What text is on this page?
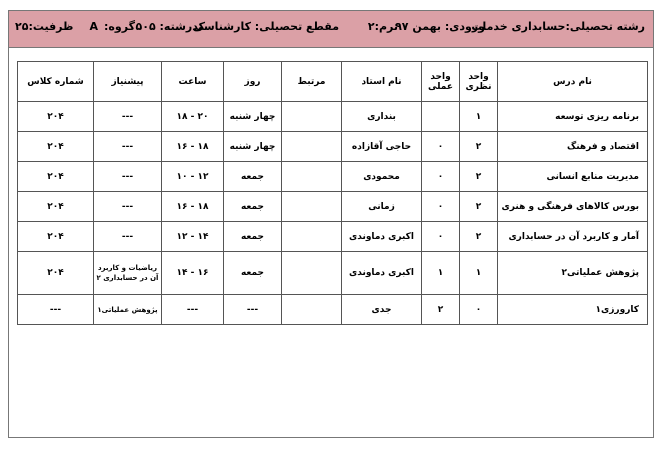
رشته تحصیلی:حسابداری خدمات
ورودی: بهمن ۹۷
ترم:۲
مقطع تحصیلی: کارشناسی
کدرشته: ۵۰۵
گروه:
A
ظرفیت:۲۵
نام درس	واحد نظری	واحد عملی	نام استاد	مرتبط	روز	ساعت	پیشنیاز	شماره کلاس
برنامه ریزی توسعه	۱		بنداری		چهار شنبه	۲۰ - ۱۸	---	۲۰۴
اقتصاد و فرهنگ	۲	۰	حاجی آقازاده		چهار شنبه	۱۸ - ۱۶	---	۲۰۴
مدیریت منابع انسانی	۲	۰	محمودی		جمعه	۱۲ - ۱۰	---	۲۰۴
بورس کالاهای فرهنگی و هنری	۲	۰	زمانی		جمعه	۱۸ - ۱۶	---	۲۰۴
آمار و کاربرد آن در حسابداری	۲	۰	اکبری دماوندی		جمعه	۱۴ - ۱۲	---	۲۰۴
پژوهش عملیاتی۲	۱	۱	اکبری دماوندی		جمعه	۱۶ - ۱۴	ریاضیات و کاربرد آن در حسابداری ۲	۲۰۴
کارورزی۱	۰	۲	جدی		---	---	پژوهش عملیاتی۱	---
